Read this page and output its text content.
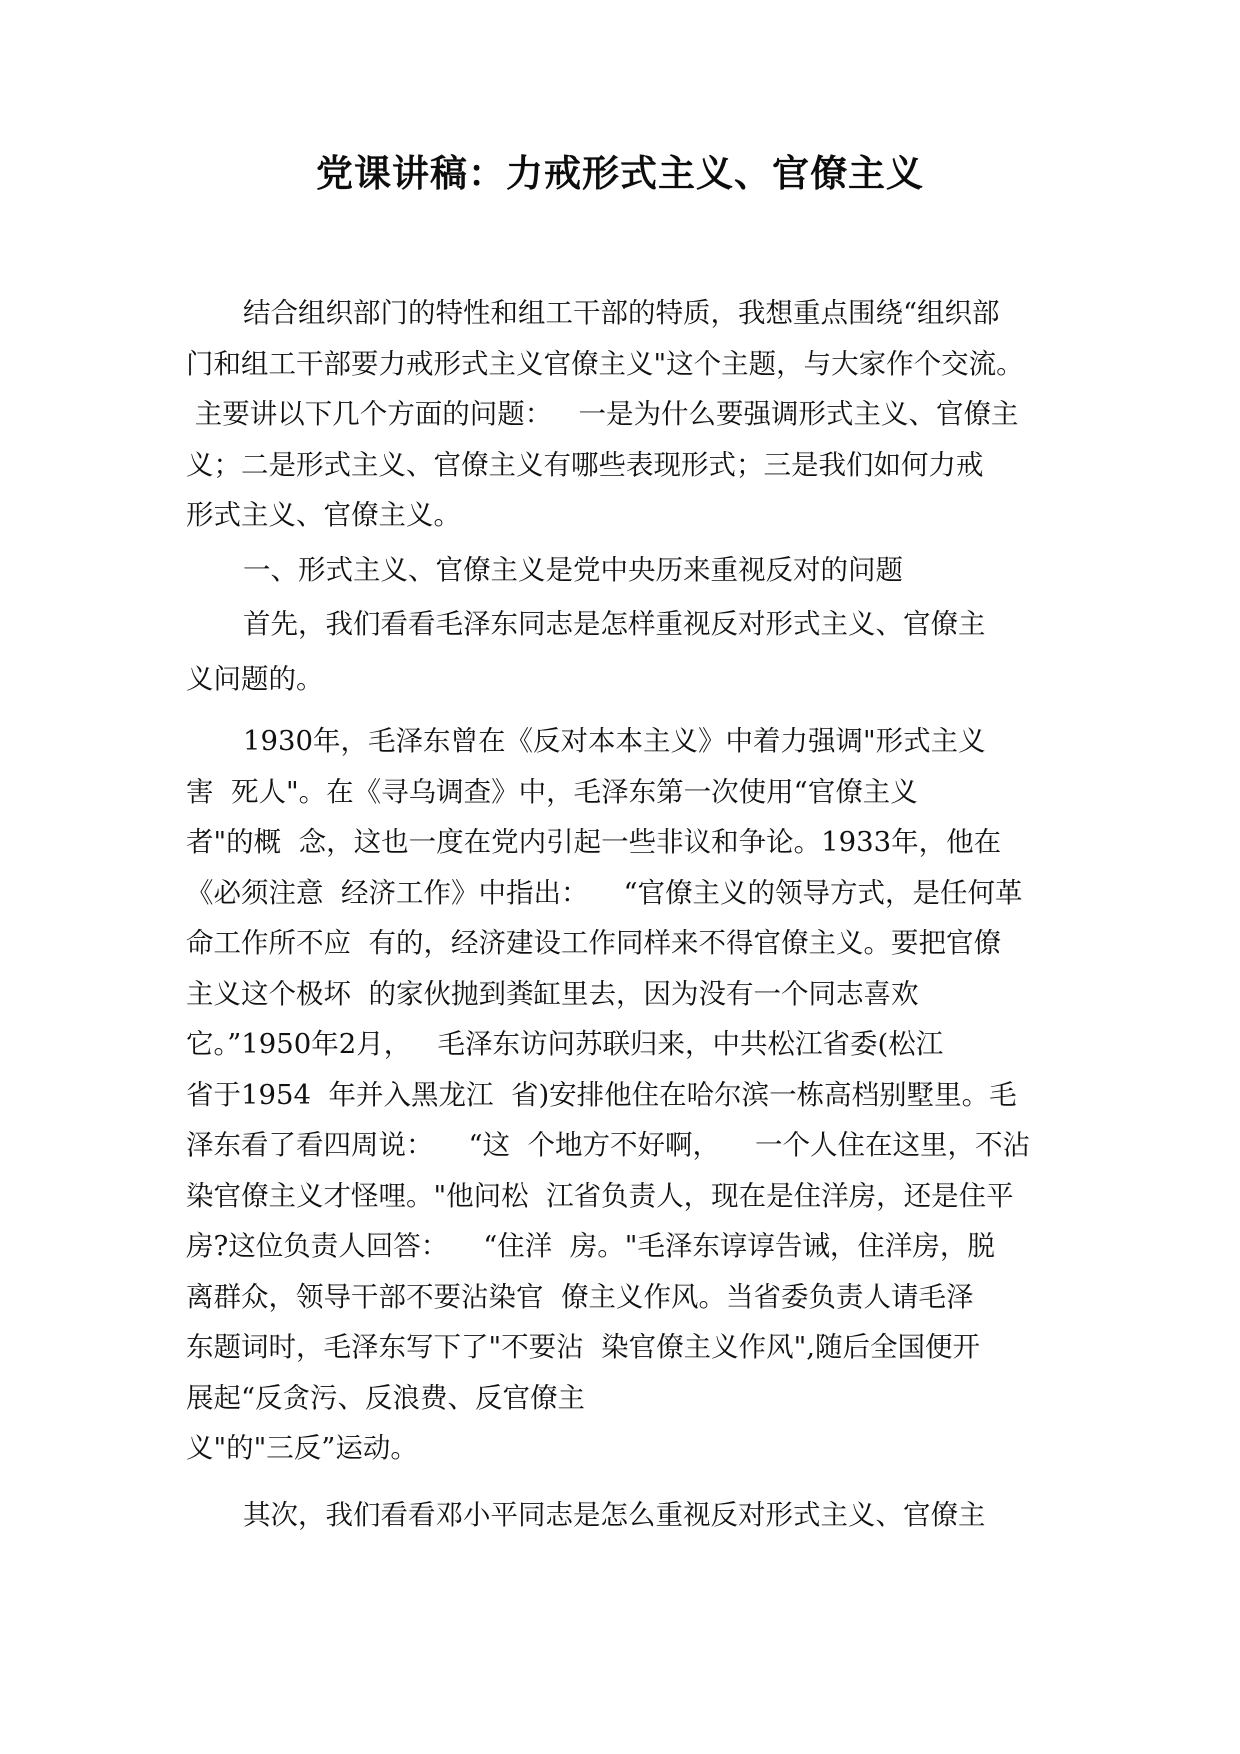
党课讲稿：力戒形式主义、官僚主义
结合组织部门的特性和组工干部的特质，我想重点围绕“组织部
门和组工干部要力戒形式主义官僚主义"这个主题，与大家作个交流。
主要讲以下几个方面的问题：   一是为什么要强调形式主义、官僚主
义；二是形式主义、官僚主义有哪些表现形式；三是我们如何力戒
形式主义、官僚主义。
一、形式主义、官僚主义是党中央历来重视反对的问题
首先，我们看看毛泽东同志是怎样重视反对形式主义、官僚主
义问题的。
1930年，毛泽东曾在《反对本本主义》中着力强调"形式主义
害  死人"。在《寻乌调查》中，毛泽东第一次使用“官僚主义
者"的概  念，这也一度在党内引起一些非议和争论。1933年，他在
《必须注意  经济工作》中指出：    “官僚主义的领导方式，是任何革
命工作所不应  有的，经济建设工作同样来不得官僚主义。要把官僚
主义这个极坏  的家伙抛到粪缸里去，因为没有一个同志喜欢
它。”1950年2月，   毛泽东访问苏联归来，中共松江省委(松江
省于1954  年并入黑龙江  省)安排他住在哈尔滨一栋高档别墅里。毛
泽东看了看四周说：    “这  个地方不好啊，    一个人住在这里，不沾
染官僚主义才怪哩。"他问松  江省负责人，现在是住洋房，还是住平
房?这位负责人回答：    “住洋  房。"毛泽东谆谆告诫，住洋房，脱
离群众，领导干部不要沾染官  僚主义作风。当省委负责人请毛泽
东题词时，毛泽东写下了"不要沾  染官僚主义作风",随后全国便开
展起“反贪污、反浪费、反官僚主
义"的"三反”运动。
其次，我们看看邓小平同志是怎么重视反对形式主义、官僚主
